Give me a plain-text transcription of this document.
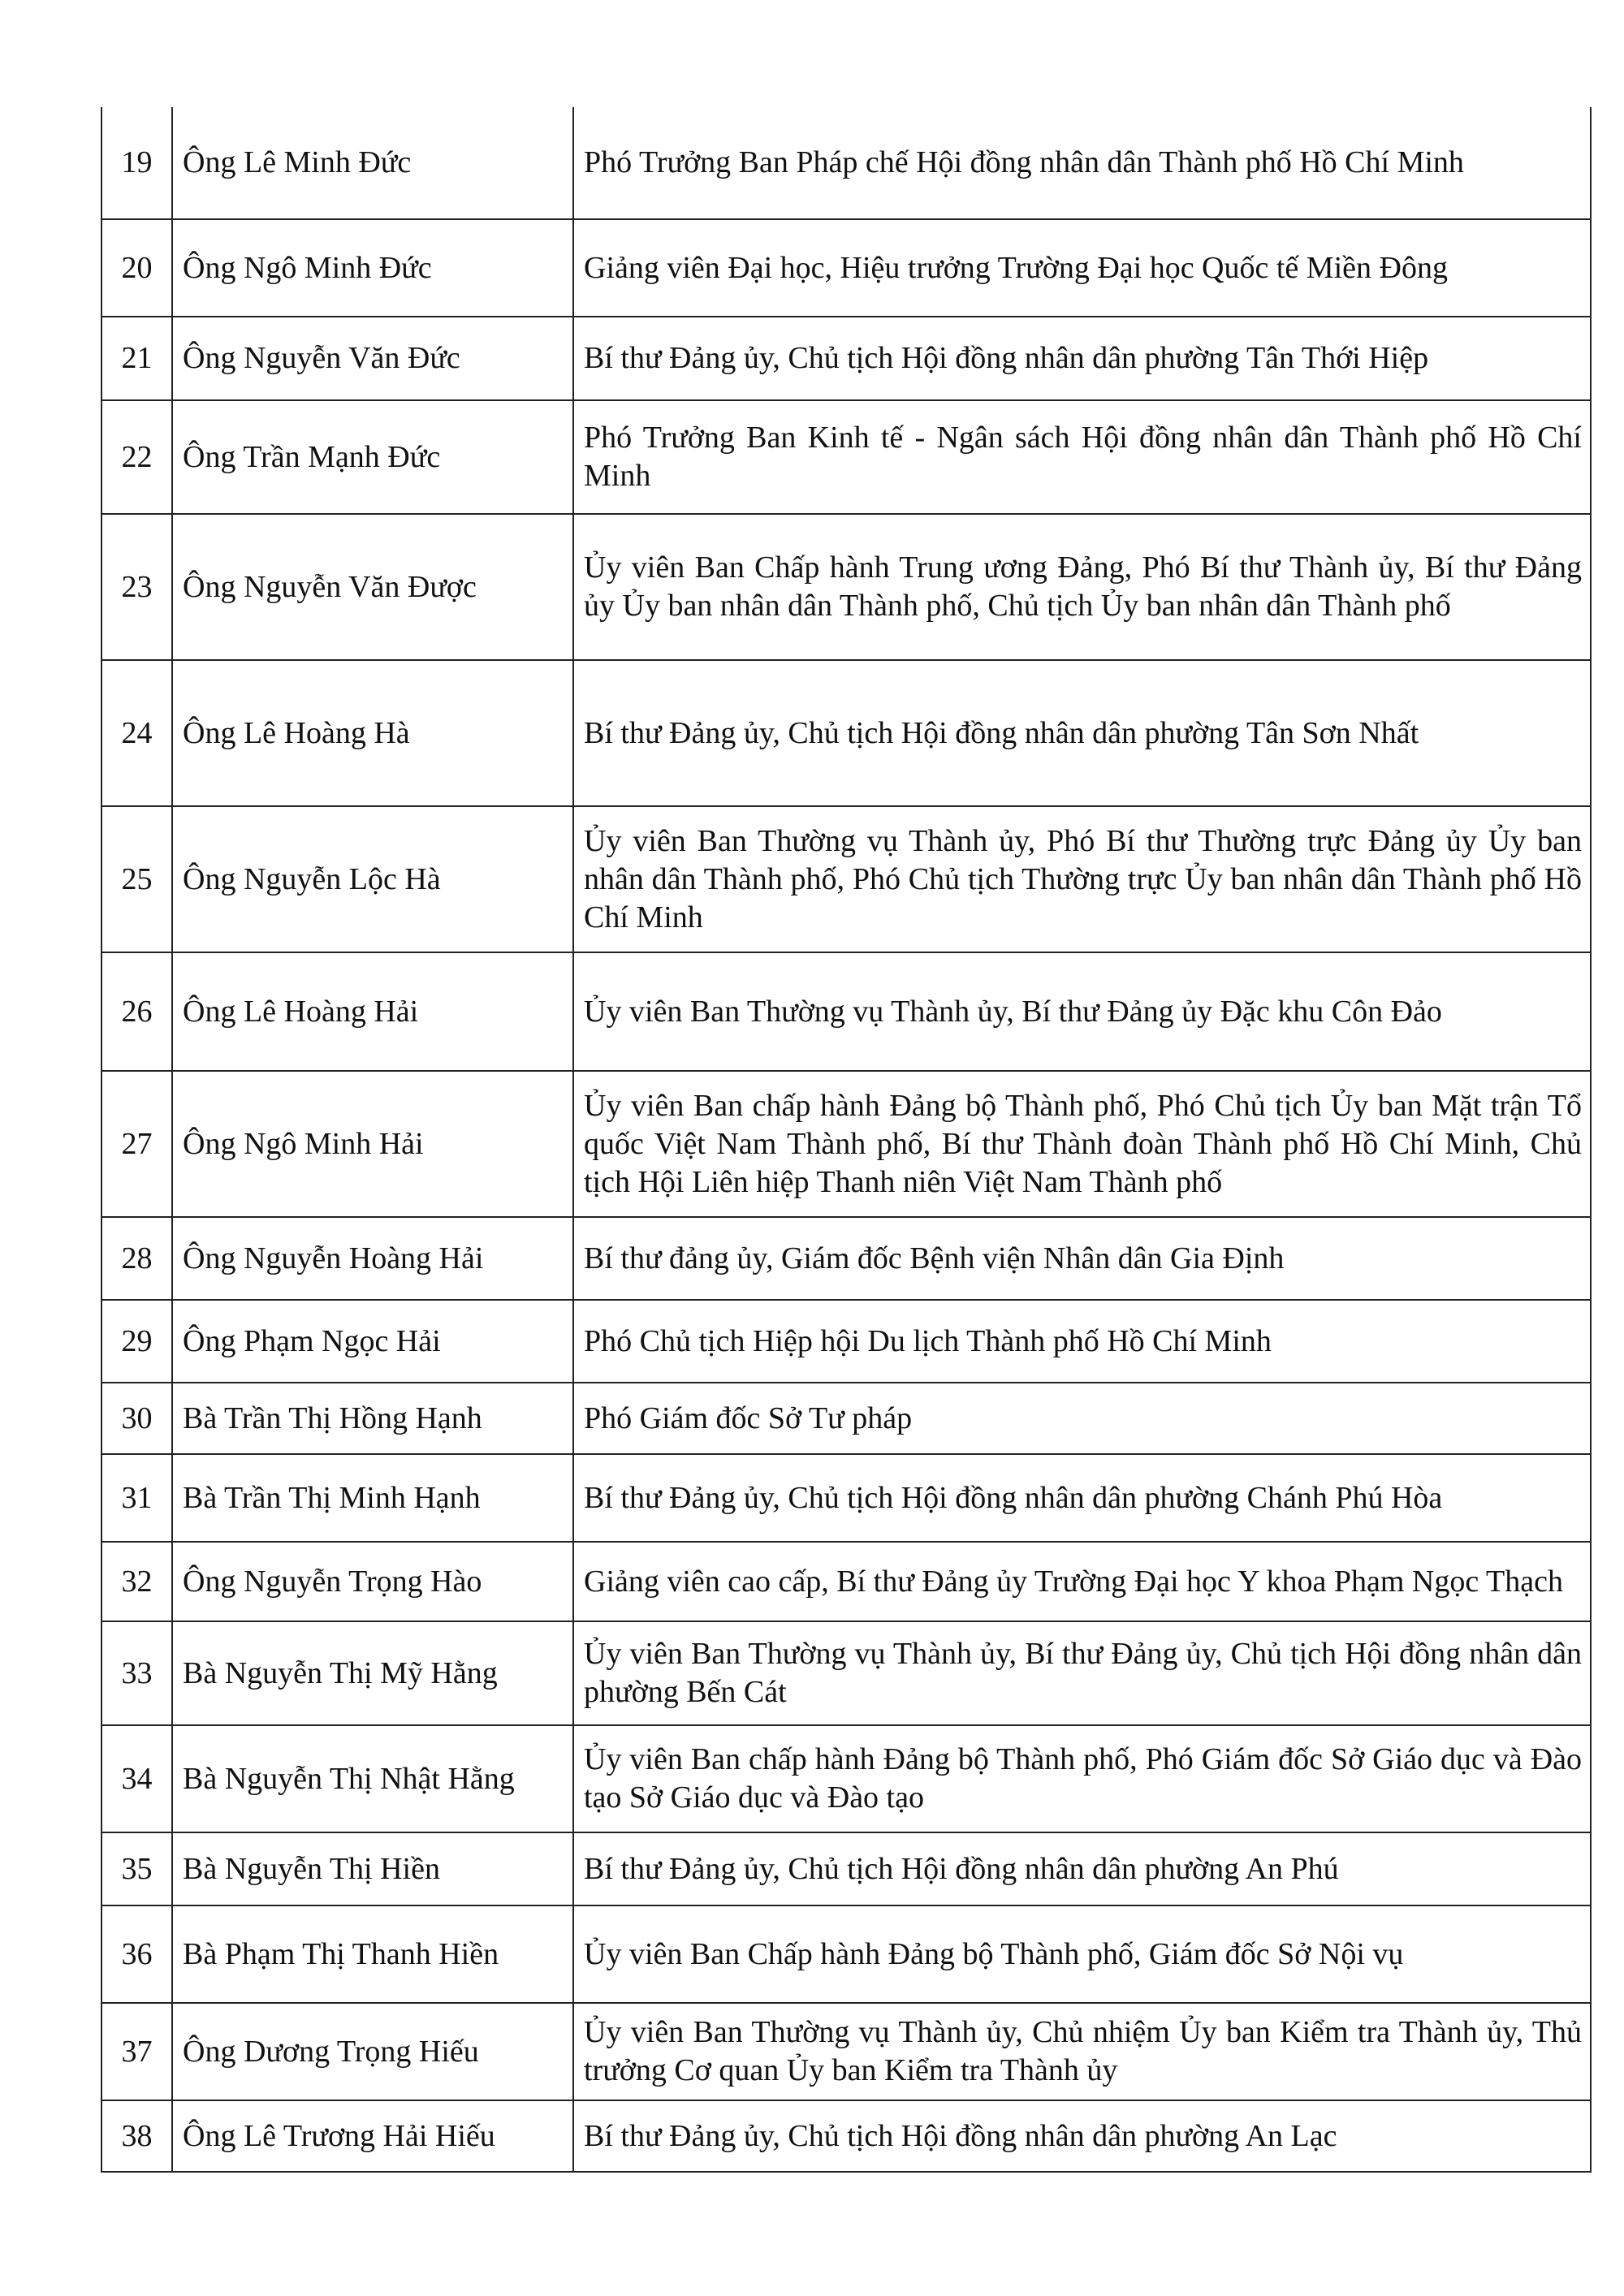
19	Ông Lê Minh Đức	Phó Trưởng Ban Pháp chế Hội đồng nhân dân Thành phố Hồ Chí Minh
20	Ông Ngô Minh Đức	Giảng viên Đại học, Hiệu trưởng Trường Đại học Quốc tế Miền Đông
21	Ông Nguyễn Văn Đức	Bí thư Đảng ủy, Chủ tịch Hội đồng nhân dân phường Tân Thới Hiệp
22	Ông Trần Mạnh Đức	Phó Trưởng Ban Kinh tế - Ngân sách Hội đồng nhân dân Thành phố Hồ Chí Minh
23	Ông Nguyễn Văn Được	Ủy viên Ban Chấp hành Trung ương Đảng, Phó Bí thư Thành ủy, Bí thư Đảng ủy Ủy ban nhân dân Thành phố, Chủ tịch Ủy ban nhân dân Thành phố
24	Ông Lê Hoàng Hà	Bí thư Đảng ủy, Chủ tịch Hội đồng nhân dân phường Tân Sơn Nhất
25	Ông Nguyễn Lộc Hà	Ủy viên Ban Thường vụ Thành ủy, Phó Bí thư Thường trực Đảng ủy Ủy ban nhân dân Thành phố, Phó Chủ tịch Thường trực Ủy ban nhân dân Thành phố Hồ Chí Minh
26	Ông Lê Hoàng Hải	Ủy viên Ban Thường vụ Thành ủy, Bí thư Đảng ủy Đặc khu Côn Đảo
27	Ông Ngô Minh Hải	Ủy viên Ban chấp hành Đảng bộ Thành phố, Phó Chủ tịch Ủy ban Mặt trận Tổ quốc Việt Nam Thành phố, Bí thư Thành đoàn Thành phố Hồ Chí Minh, Chủ tịch Hội Liên hiệp Thanh niên Việt Nam Thành phố
28	Ông Nguyễn Hoàng Hải	Bí thư đảng ủy, Giám đốc Bệnh viện Nhân dân Gia Định
29	Ông Phạm Ngọc Hải	Phó Chủ tịch Hiệp hội Du lịch Thành phố Hồ Chí Minh
30	Bà Trần Thị Hồng Hạnh	Phó Giám đốc Sở Tư pháp
31	Bà Trần Thị Minh Hạnh	Bí thư Đảng ủy, Chủ tịch Hội đồng nhân dân phường Chánh Phú Hòa
32	Ông Nguyễn Trọng Hào	Giảng viên cao cấp, Bí thư Đảng ủy Trường Đại học Y khoa Phạm Ngọc Thạch
33	Bà Nguyễn Thị Mỹ Hằng	Ủy viên Ban Thường vụ Thành ủy, Bí thư Đảng ủy, Chủ tịch Hội đồng nhân dân phường Bến Cát
34	Bà Nguyễn Thị Nhật Hằng	Ủy viên Ban chấp hành Đảng bộ Thành phố, Phó Giám đốc Sở Giáo dục và Đào tạo Sở Giáo dục và Đào tạo
35	Bà Nguyễn Thị Hiền	Bí thư Đảng ủy, Chủ tịch Hội đồng nhân dân phường An Phú
36	Bà Phạm Thị Thanh Hiền	Ủy viên Ban Chấp hành Đảng bộ Thành phố, Giám đốc Sở Nội vụ
37	Ông Dương Trọng Hiếu	Ủy viên Ban Thường vụ Thành ủy, Chủ nhiệm Ủy ban Kiểm tra Thành ủy, Thủ trưởng Cơ quan Ủy ban Kiểm tra Thành ủy
38	Ông Lê Trương Hải Hiếu	Bí thư Đảng ủy, Chủ tịch Hội đồng nhân dân phường An Lạc
